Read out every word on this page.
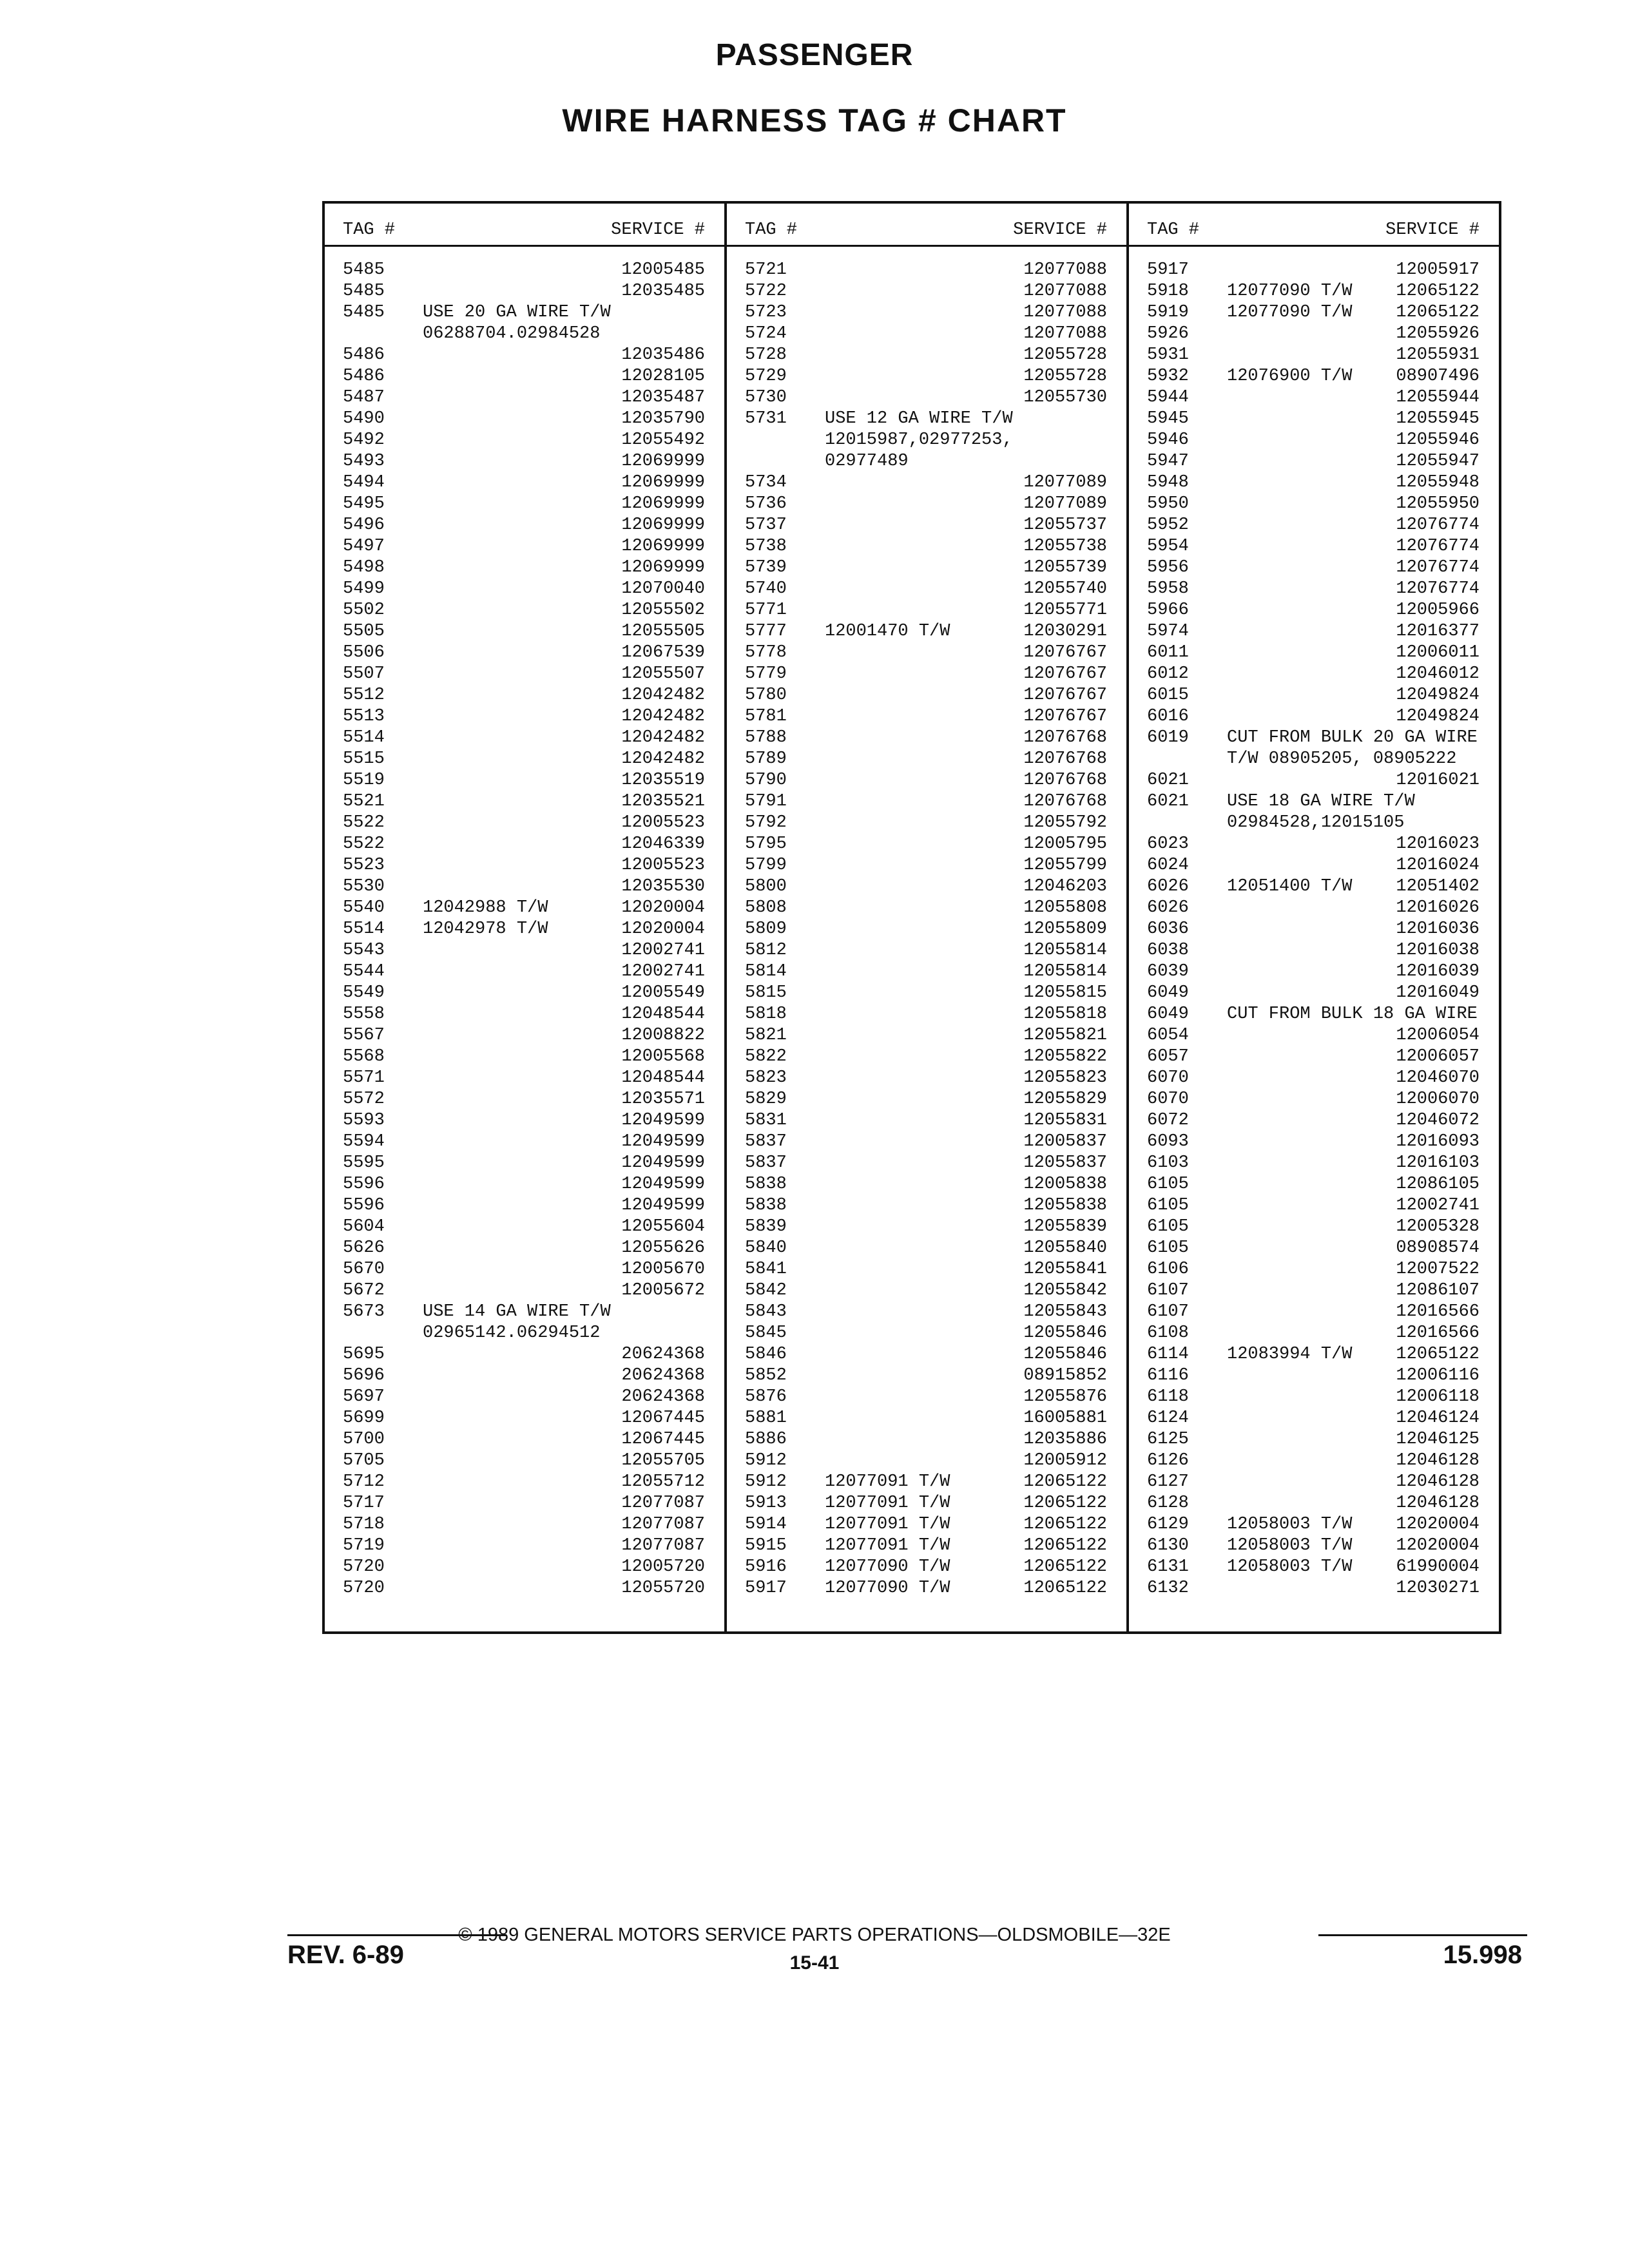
PASSENGER
WIRE HARNESS TAG # CHART
TAG #	SERVICE #
5485	12005485
5485	12035485
5485 USE 20 GA WIRE T/W
06288704.02984528
5486	12035486
5486	12028105
5487	12035487
5490	12035790
5492	12055492
5493	12069999
5494	12069999
5495	12069999
5496	12069999
5497	12069999
5498	12069999
5499	12070040
5502	12055502
5505	12055505
5506	12067539
5507	12055507
5512	12042482
5513	12042482
5514	12042482
5515	12042482
5519	12035519
5521	12035521
5522	12005523
5522	12046339
5523	12005523
5530	12035530
5540 12042988 T/W	12020004
5514 12042978 T/W	12020004
5543	12002741
5544	12002741
5549	12005549
5558	12048544
5567	12008822
5568	12005568
5571	12048544
5572	12035571
5593	12049599
5594	12049599
5595	12049599
5596	12049599
5596	12049599
5604	12055604
5626	12055626
5670	12005670
5672	12005672
5673 USE 14 GA WIRE T/W
02965142.06294512
5695	20624368
5696	20624368
5697	20624368
5699	12067445
5700	12067445
5705	12055705
5712	12055712
5717	12077087
5718	12077087
5719	12077087
5720	12005720
5720	12055720
TAG #	SERVICE #
5721	12077088
5722	12077088
5723	12077088
5724	12077088
5728	12055728
5729	12055728
5730	12055730
5731 USE 12 GA WIRE T/W
12015987,02977253,
02977489
5734	12077089
5736	12077089
5737	12055737
5738	12055738
5739	12055739
5740	12055740
5771	12055771
5777 12001470 T/W	12030291
5778	12076767
5779	12076767
5780	12076767
5781	12076767
5788	12076768
5789	12076768
5790	12076768
5791	12076768
5792	12055792
5795	12005795
5799	12055799
5800	12046203
5808	12055808
5809	12055809
5812	12055814
5814	12055814
5815	12055815
5818	12055818
5821	12055821
5822	12055822
5823	12055823
5829	12055829
5831	12055831
5837	12005837
5837	12055837
5838	12005838
5838	12055838
5839	12055839
5840	12055840
5841	12055841
5842	12055842
5843	12055843
5845	12055846
5846	12055846
5852	08915852
5876	12055876
5881	16005881
5886	12035886
5912	12005912
5912 12077091 T/W	12065122
5913 12077091 T/W	12065122
5914 12077091 T/W	12065122
5915 12077091 T/W	12065122
5916 12077090 T/W	12065122
5917 12077090 T/W	12065122
TAG #	SERVICE #
5917	12005917
5918 12077090 T/W	12065122
5919 12077090 T/W	12065122
5926	12055926
5931	12055931
5932 12076900 T/W	08907496
5944	12055944
5945	12055945
5946	12055946
5947	12055947
5948	12055948
5950	12055950
5952	12076774
5954	12076774
5956	12076774
5958	12076774
5966	12005966
5974	12016377
6011	12006011
6012	12046012
6015	12049824
6016	12049824
6019 CUT FROM BULK 20 GA WIRE
T/W 08905205, 08905222
6021	12016021
6021 USE 18 GA WIRE T/W
02984528,12015105
6023	12016023
6024	12016024
6026 12051400 T/W	12051402
6026	12016026
6036	12016036
6038	12016038
6039	12016039
6049	12016049
6049 CUT FROM BULK 18 GA WIRE
6054	12006054
6057	12006057
6070	12046070
6070	12006070
6072	12046072
6093	12016093
6103	12016103
6105	12086105
6105	12002741
6105	12005328
6105	08908574
6106	12007522
6107	12086107
6107	12016566
6108	12016566
6114 12083994 T/W	12065122
6116	12006116
6118	12006118
6124	12046124
6125	12046125
6126	12046128
6127	12046128
6128	12046128
6129 12058003 T/W	12020004
6130 12058003 T/W	12020004
6131 12058003 T/W	61990004
6132	12030271
© 1989 GENERAL MOTORS SERVICE PARTS OPERATIONS—OLDSMOBILE—32E
REV. 6-89	15-41	15.998
